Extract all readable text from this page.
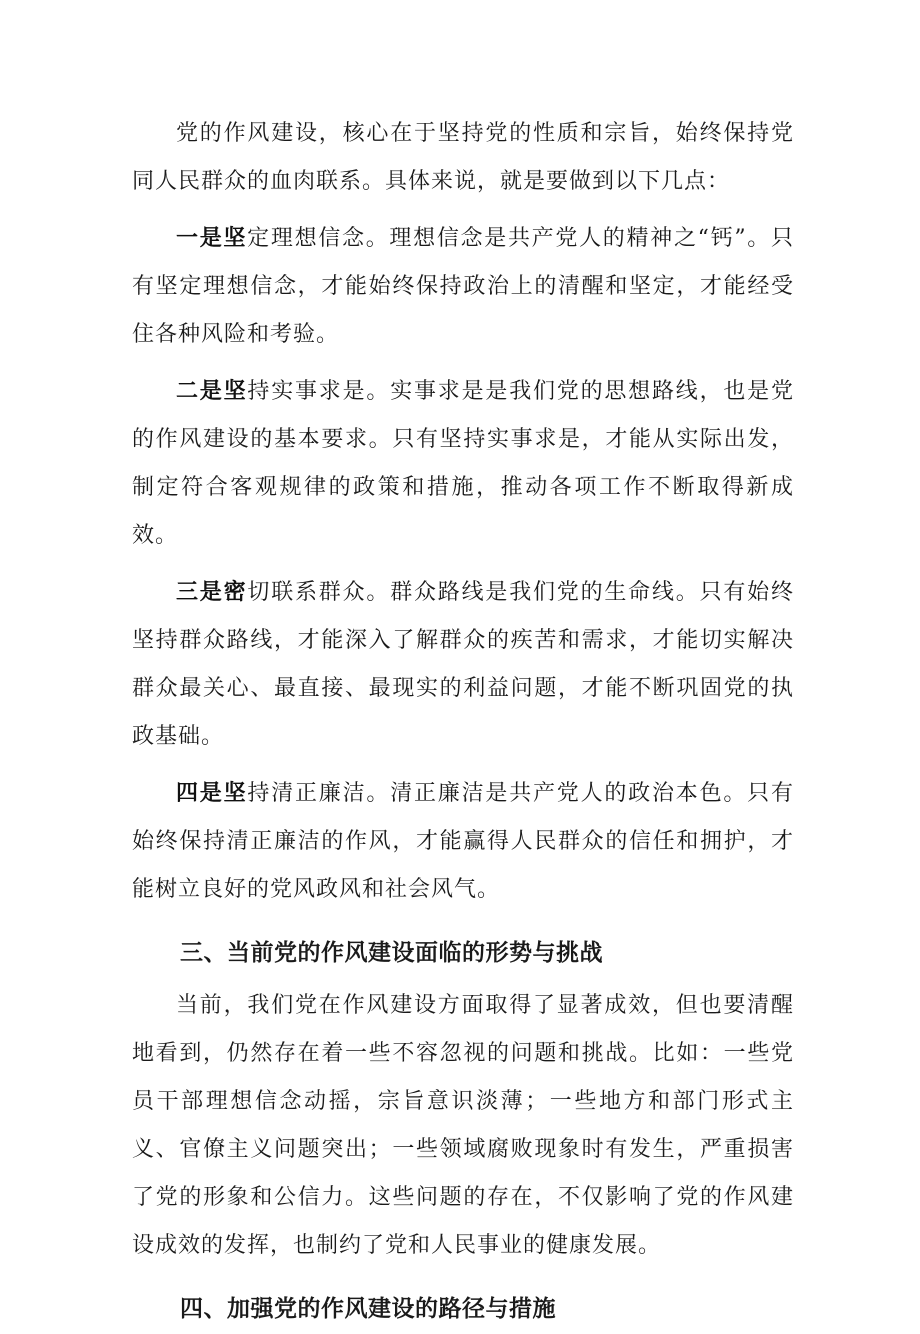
党的作风建设，核心在于坚持党的性质和宗旨，始终保持党同人民群众的血肉联系。具体来说，就是要做到以下几点：

一是坚定理想信念。理想信念是共产党人的精神之“钙”。只有坚定理想信念，才能始终保持政治上的清醒和坚定，才能经受住各种风险和考验。

二是坚持实事求是。实事求是是我们党的思想路线，也是党的作风建设的基本要求。只有坚持实事求是，才能从实际出发，制定符合客观规律的政策和措施，推动各项工作不断取得新成效。

三是密切联系群众。群众路线是我们党的生命线。只有始终坚持群众路线，才能深入了解群众的疾苦和需求，才能切实解决群众最关心、最直接、最现实的利益问题，才能不断巩固党的执政基础。

四是坚持清正廉洁。清正廉洁是共产党人的政治本色。只有始终保持清正廉洁的作风，才能赢得人民群众的信任和拥护，才能树立良好的党风政风和社会风气。

三、当前党的作风建设面临的形势与挑战

当前，我们党在作风建设方面取得了显著成效，但也要清醒地看到，仍然存在着一些不容忽视的问题和挑战。比如：一些党员干部理想信念动摇，宗旨意识淡薄；一些地方和部门形式主义、官僚主义问题突出；一些领域腐败现象时有发生，严重损害了党的形象和公信力。这些问题的存在，不仅影响了党的作风建设成效的发挥，也制约了党和人民事业的健康发展。

四、加强党的作风建设的路径与措施
